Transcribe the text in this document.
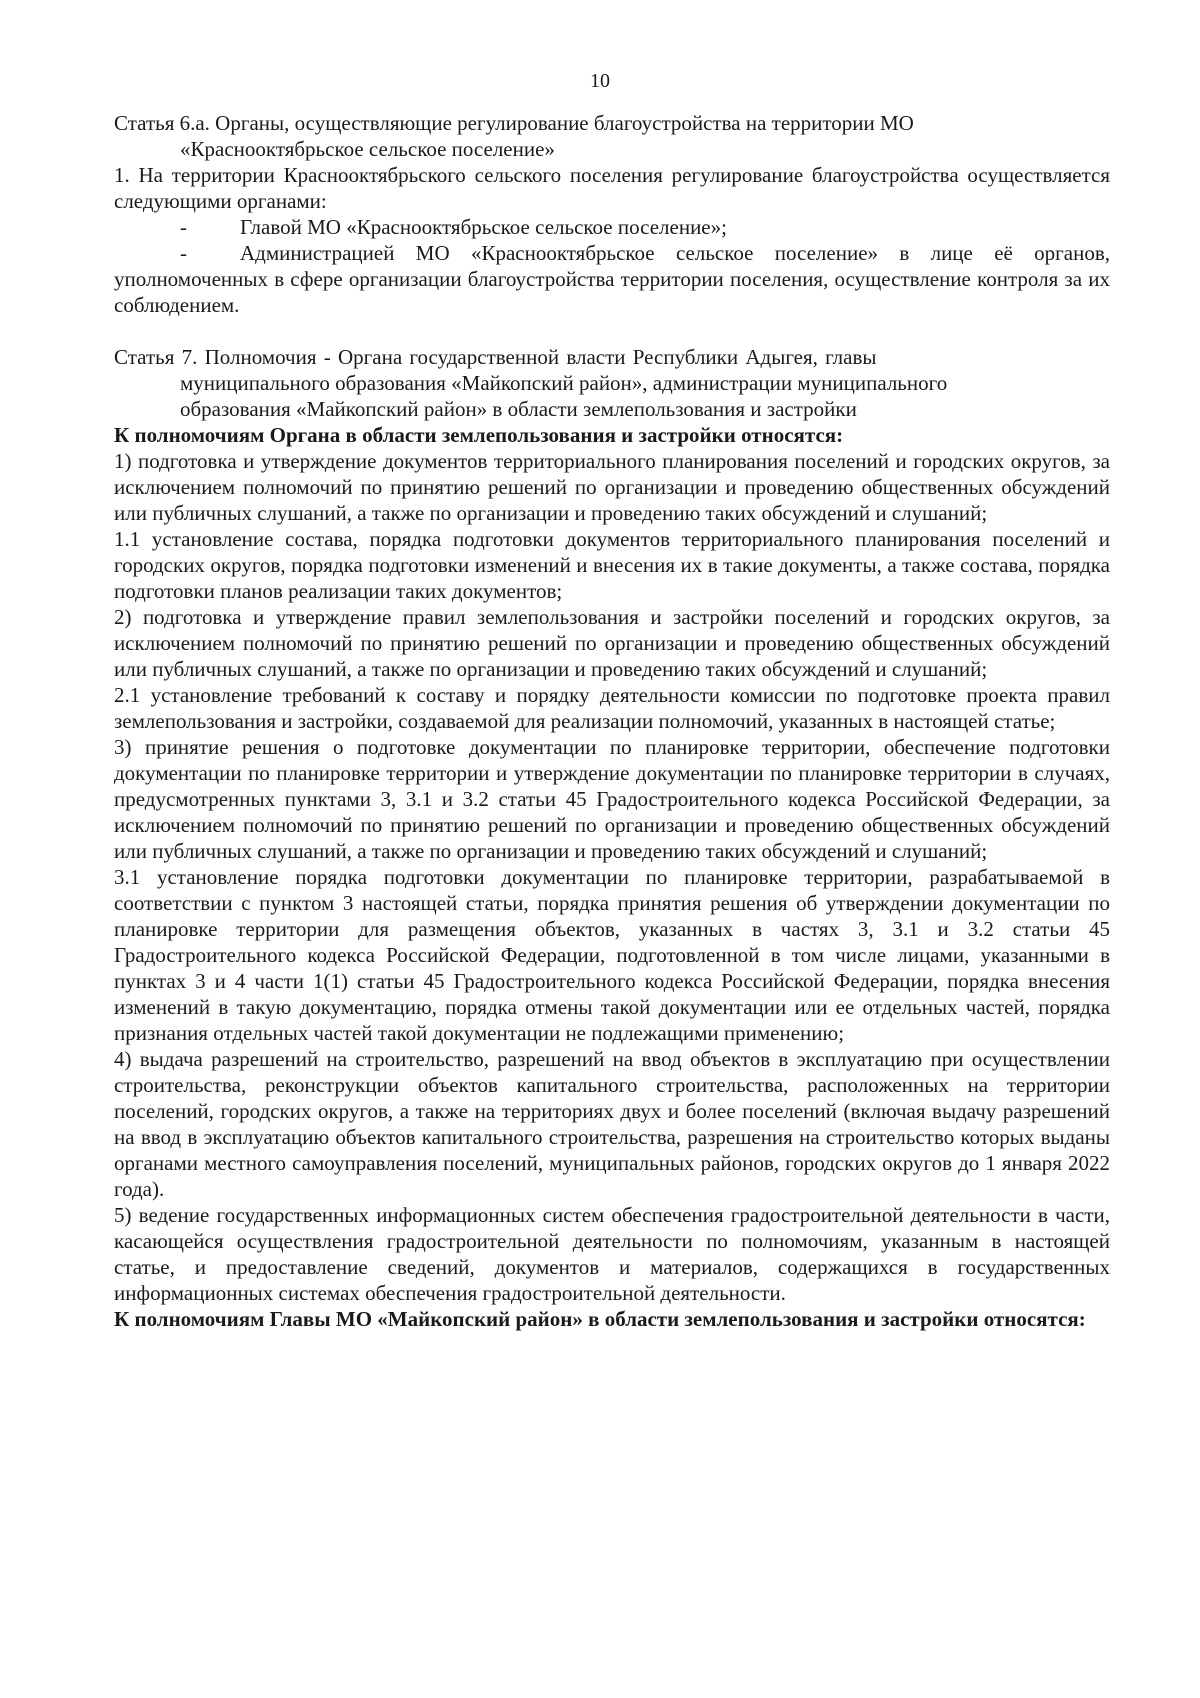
10

Статья 6.а. Органы, осуществляющие регулирование благоустройства на территории МО
«Краснооктябрьское сельское поселение»

1. На территории Краснооктябрьского сельского поселения регулирование благоустройства осуществляется следующими органами:

-	Главой МО «Краснооктябрьское сельское поселение»;

-	Администрацией МО «Краснооктябрьское сельское поселение» в лице её органов, уполномоченных в сфере организации благоустройства территории поселения, осуществление контроля за их соблюдением.

Статья 7. Полномочия - Органа государственной власти Республики Адыгея, главы
муниципального образования «Майкопский район», администрации муниципального
образования «Майкопский район» в области землепользования и застройки

К полномочиям Органа в области землепользования и застройки относятся:

1) подготовка и утверждение документов территориального планирования поселений и городских округов, за исключением полномочий по принятию решений по организации и проведению общественных обсуждений или публичных слушаний, а также по организации и проведению таких обсуждений и слушаний;

1.1 установление состава, порядка подготовки документов территориального планирования поселений и городских округов, порядка подготовки изменений и внесения их в такие документы, а также состава, порядка подготовки планов реализации таких документов;

2) подготовка и утверждение правил землепользования и застройки поселений и городских округов, за исключением полномочий по принятию решений по организации и проведению общественных обсуждений или публичных слушаний, а также по организации и проведению таких обсуждений и слушаний;

2.1 установление требований к составу и порядку деятельности комиссии по подготовке проекта правил землепользования и застройки, создаваемой для реализации полномочий, указанных в настоящей статье;

3) принятие решения о подготовке документации по планировке территории, обеспечение подготовки документации по планировке территории и утверждение документации по планировке территории в случаях, предусмотренных пунктами 3, 3.1 и 3.2 статьи 45 Градостроительного кодекса Российской Федерации, за исключением полномочий по принятию решений по организации и проведению общественных обсуждений или публичных слушаний, а также по организации и проведению таких обсуждений и слушаний;

3.1 установление порядка подготовки документации по планировке территории, разрабатываемой в соответствии с пунктом 3 настоящей статьи, порядка принятия решения об утверждении документации по планировке территории для размещения объектов, указанных в частях 3, 3.1 и 3.2 статьи 45 Градостроительного кодекса Российской Федерации, подготовленной в том числе лицами, указанными в пунктах 3 и 4 части 1(1) статьи 45 Градостроительного кодекса Российской Федерации, порядка внесения изменений в такую документацию, порядка отмены такой документации или ее отдельных частей, порядка признания отдельных частей такой документации не подлежащими применению;

4) выдача разрешений на строительство, разрешений на ввод объектов в эксплуатацию при осуществлении строительства, реконструкции объектов капитального строительства, расположенных на территории поселений, городских округов, а также на территориях двух и более поселений (включая выдачу разрешений на ввод в эксплуатацию объектов капитального строительства, разрешения на строительство которых выданы органами местного самоуправления поселений, муниципальных районов, городских округов до 1 января 2022 года).

5) ведение государственных информационных систем обеспечения градостроительной деятельности в части, касающейся осуществления градостроительной деятельности по полномочиям, указанным в настоящей статье, и предоставление сведений, документов и материалов, содержащихся в государственных информационных системах обеспечения градостроительной деятельности.

К полномочиям Главы МО «Майкопский район» в области землепользования и застройки относятся:
